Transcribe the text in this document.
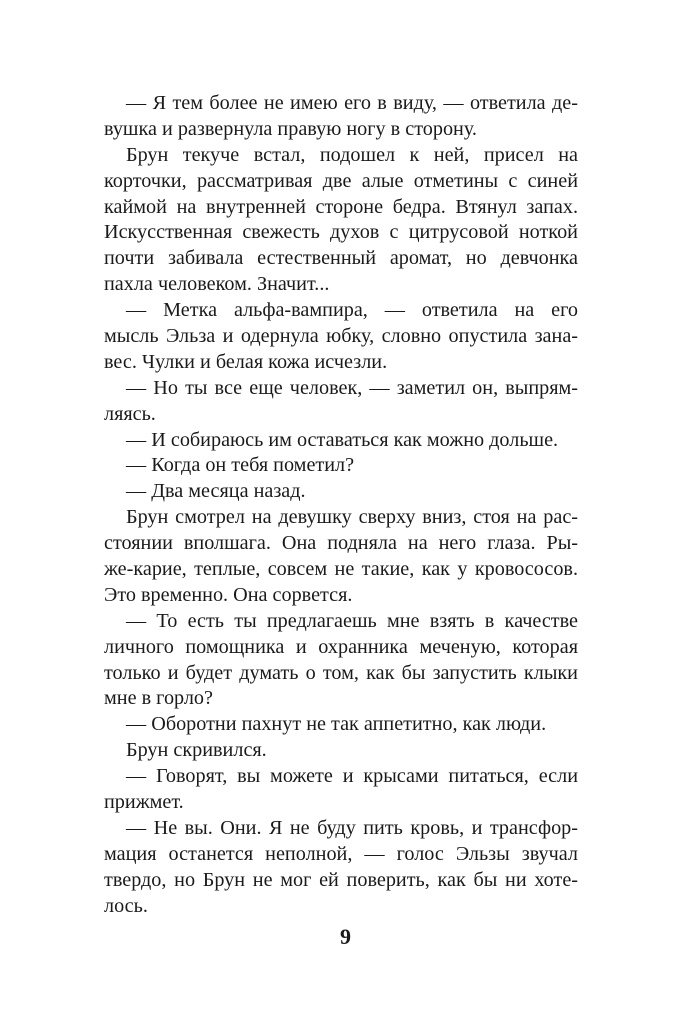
— Я тем более не имею его в виду, — ответила де-
вушка и развернула правую ногу в сторону.
Брун текуче встал, подошел к ней, присел на
корточки, рассматривая две алые отметины с синей
каймой на внутренней стороне бедра. Втянул запах.
Искусственная свежесть духов с цитрусовой ноткой
почти забивала естественный аромат, но девчонка
пахла человеком. Значит...
— Метка альфа-вампира, — ответила на его
мысль Эльза и одернула юбку, словно опустила зана-
вес. Чулки и белая кожа исчезли.
— Но ты все еще человек, — заметил он, выпрям-
ляясь.
— И собираюсь им оставаться как можно дольше.
— Когда он тебя пометил?
— Два месяца назад.
Брун смотрел на девушку сверху вниз, стоя на рас-
стоянии вполшага. Она подняла на него глаза. Ры-
же-карие, теплые, совсем не такие, как у кровососов.
Это временно. Она сорвется.
— То есть ты предлагаешь мне взять в качестве
личного помощника и охранника меченую, которая
только и будет думать о том, как бы запустить клыки
мне в горло?
— Оборотни пахнут не так аппетитно, как люди.
Брун скривился.
— Говорят, вы можете и крысами питаться, если
прижмет.
— Не вы. Они. Я не буду пить кровь, и трансфор-
мация останется неполной, — голос Эльзы звучал
твердо, но Брун не мог ей поверить, как бы ни хоте-
лось.
9
